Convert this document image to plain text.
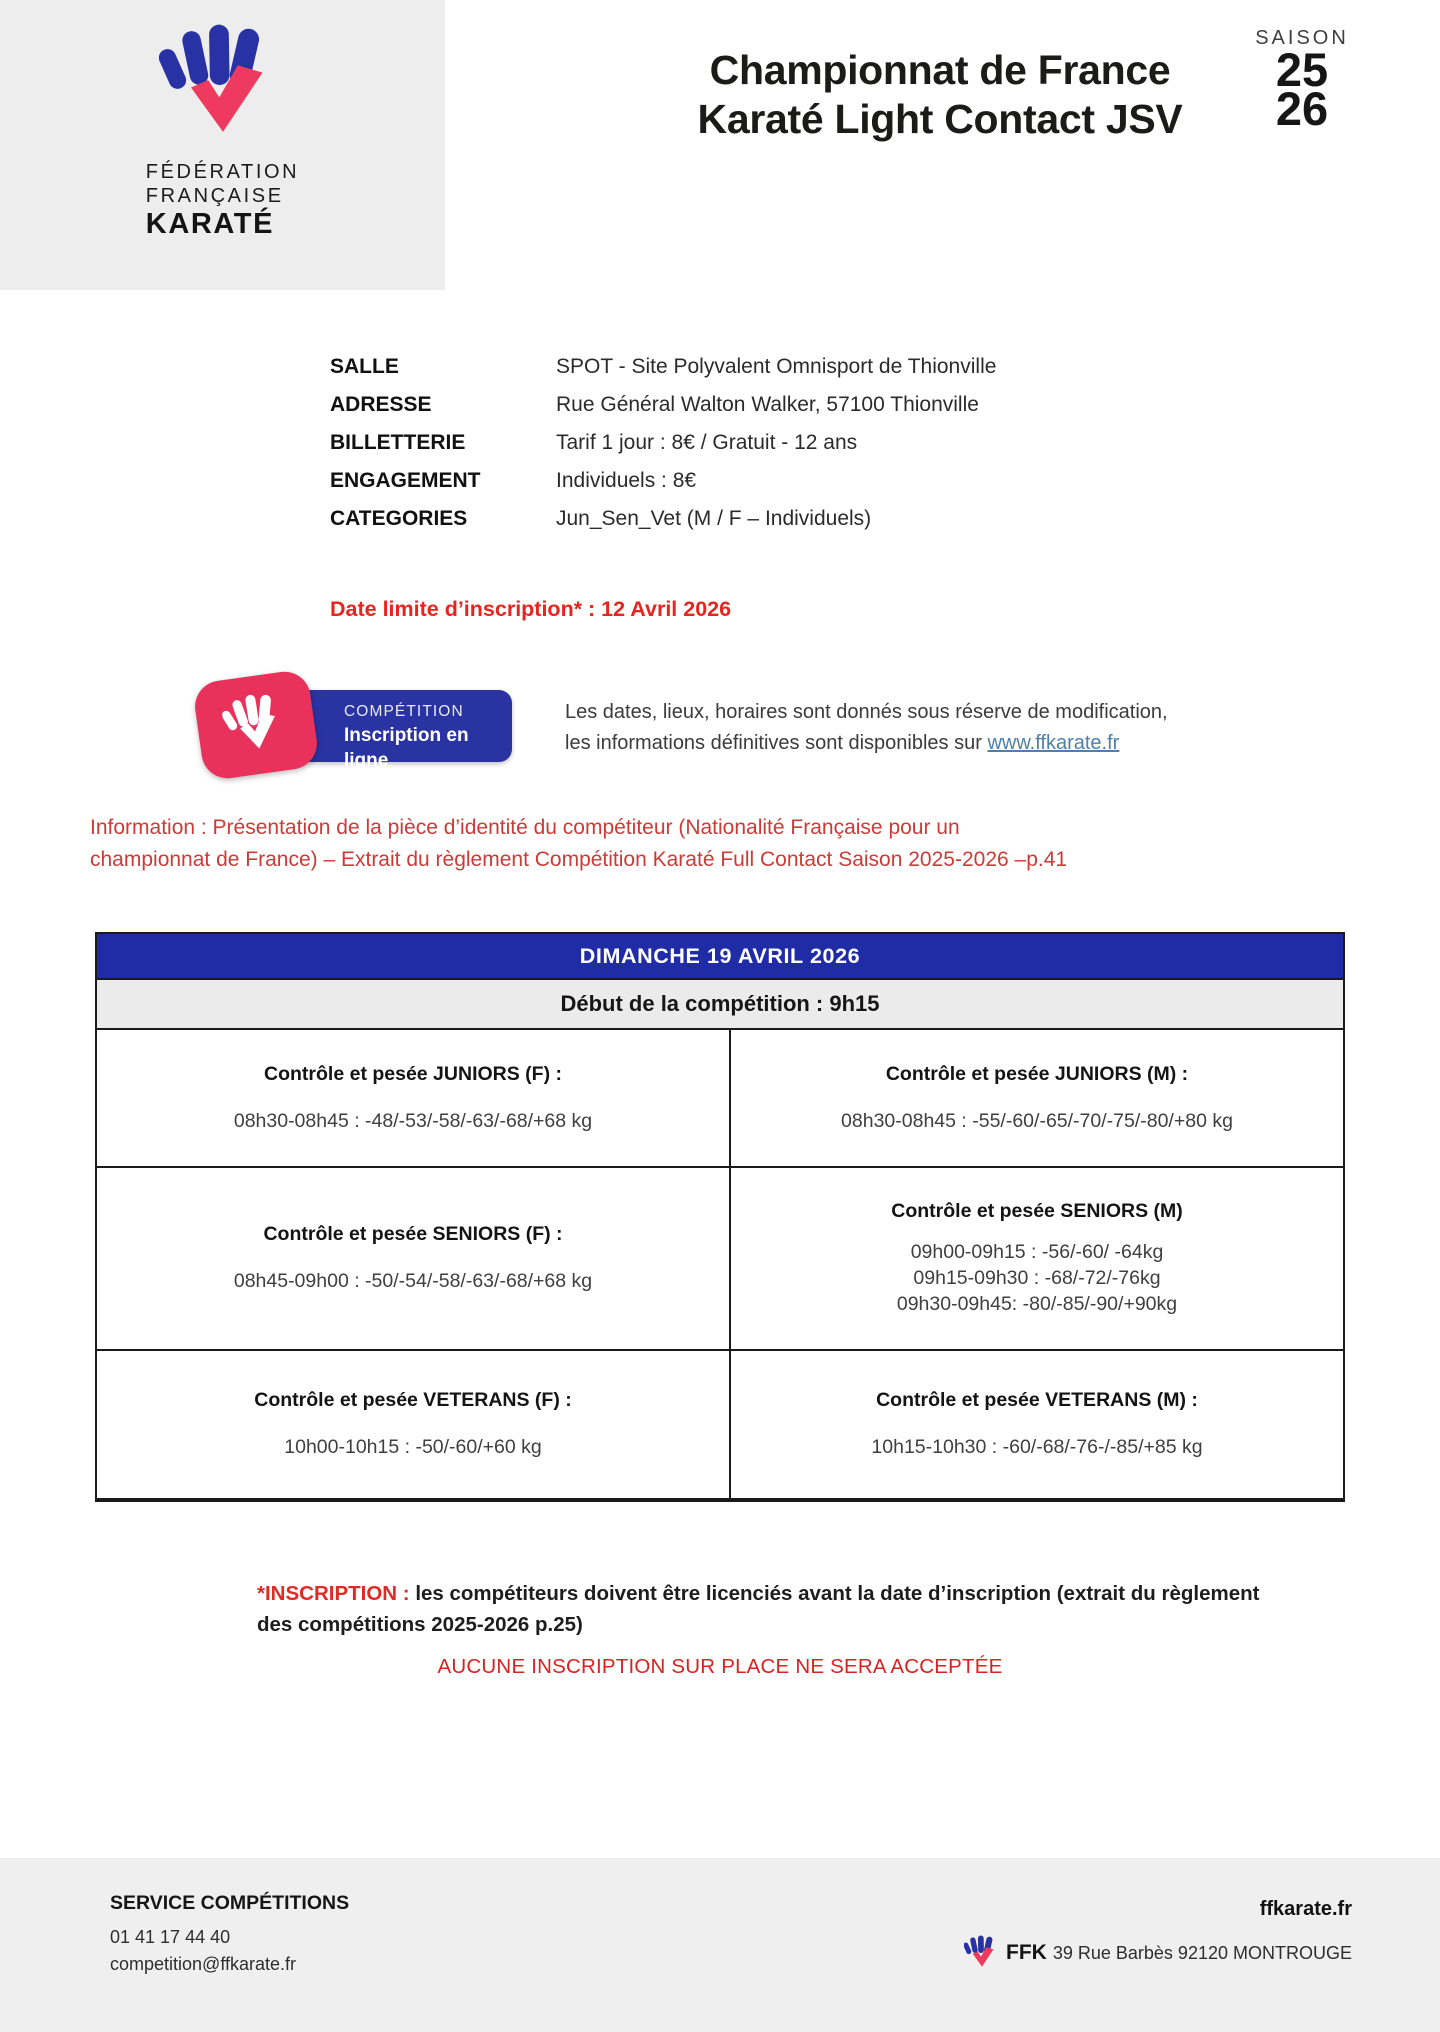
FÉDÉRATION
FRANÇAISE
KARATÉ
Championnat de France
Karaté Light Contact JSV
SAISON
25
26
SALLE	SPOT - Site Polyvalent Omnisport de Thionville
ADRESSE	Rue Général Walton Walker, 57100 Thionville
BILLETTERIE	Tarif 1 jour : 8€ / Gratuit - 12 ans
ENGAGEMENT	Individuels : 8€
CATEGORIES	Jun_Sen_Vet (M / F – Individuels)
Date limite d’inscription* : 12 Avril 2026
COMPÉTITION
Inscription en ligne
Les dates, lieux, horaires sont donnés sous réserve de modification,
les informations définitives sont disponibles sur www.ffkarate.fr
Information : Présentation de la pièce d’identité du compétiteur (Nationalité Française pour un
championnat de France) – Extrait du règlement Compétition Karaté Full Contact Saison 2025-2026 –p.41
DIMANCHE 19 AVRIL 2026
Début de la compétition : 9h15
Contrôle et pesée JUNIORS (F) :
08h30-08h45 : -48/-53/-58/-63/-68/+68 kg
Contrôle et pesée JUNIORS (M) :
08h30-08h45 : -55/-60/-65/-70/-75/-80/+80 kg
Contrôle et pesée SENIORS (F) :
08h45-09h00 : -50/-54/-58/-63/-68/+68 kg
Contrôle et pesée SENIORS (M)
09h00-09h15 : -56/-60/ -64kg
09h15-09h30 : -68/-72/-76kg
09h30-09h45: -80/-85/-90/+90kg
Contrôle et pesée VETERANS (F) :
10h00-10h15 : -50/-60/+60 kg
Contrôle et pesée VETERANS (M) :
10h15-10h30 : -60/-68/-76-/-85/+85 kg

*INSCRIPTION : les compétiteurs doivent être licenciés avant la date d’inscription (extrait du règlement des compétitions 2025-2026 p.25)

AUCUNE INSCRIPTION SUR PLACE NE SERA ACCEPTÉE
SERVICE COMPÉTITIONS
01 41 17 44 40
competition@ffkarate.fr
ffkarate.fr
FFK 39 Rue Barbès 92120 MONTROUGE
